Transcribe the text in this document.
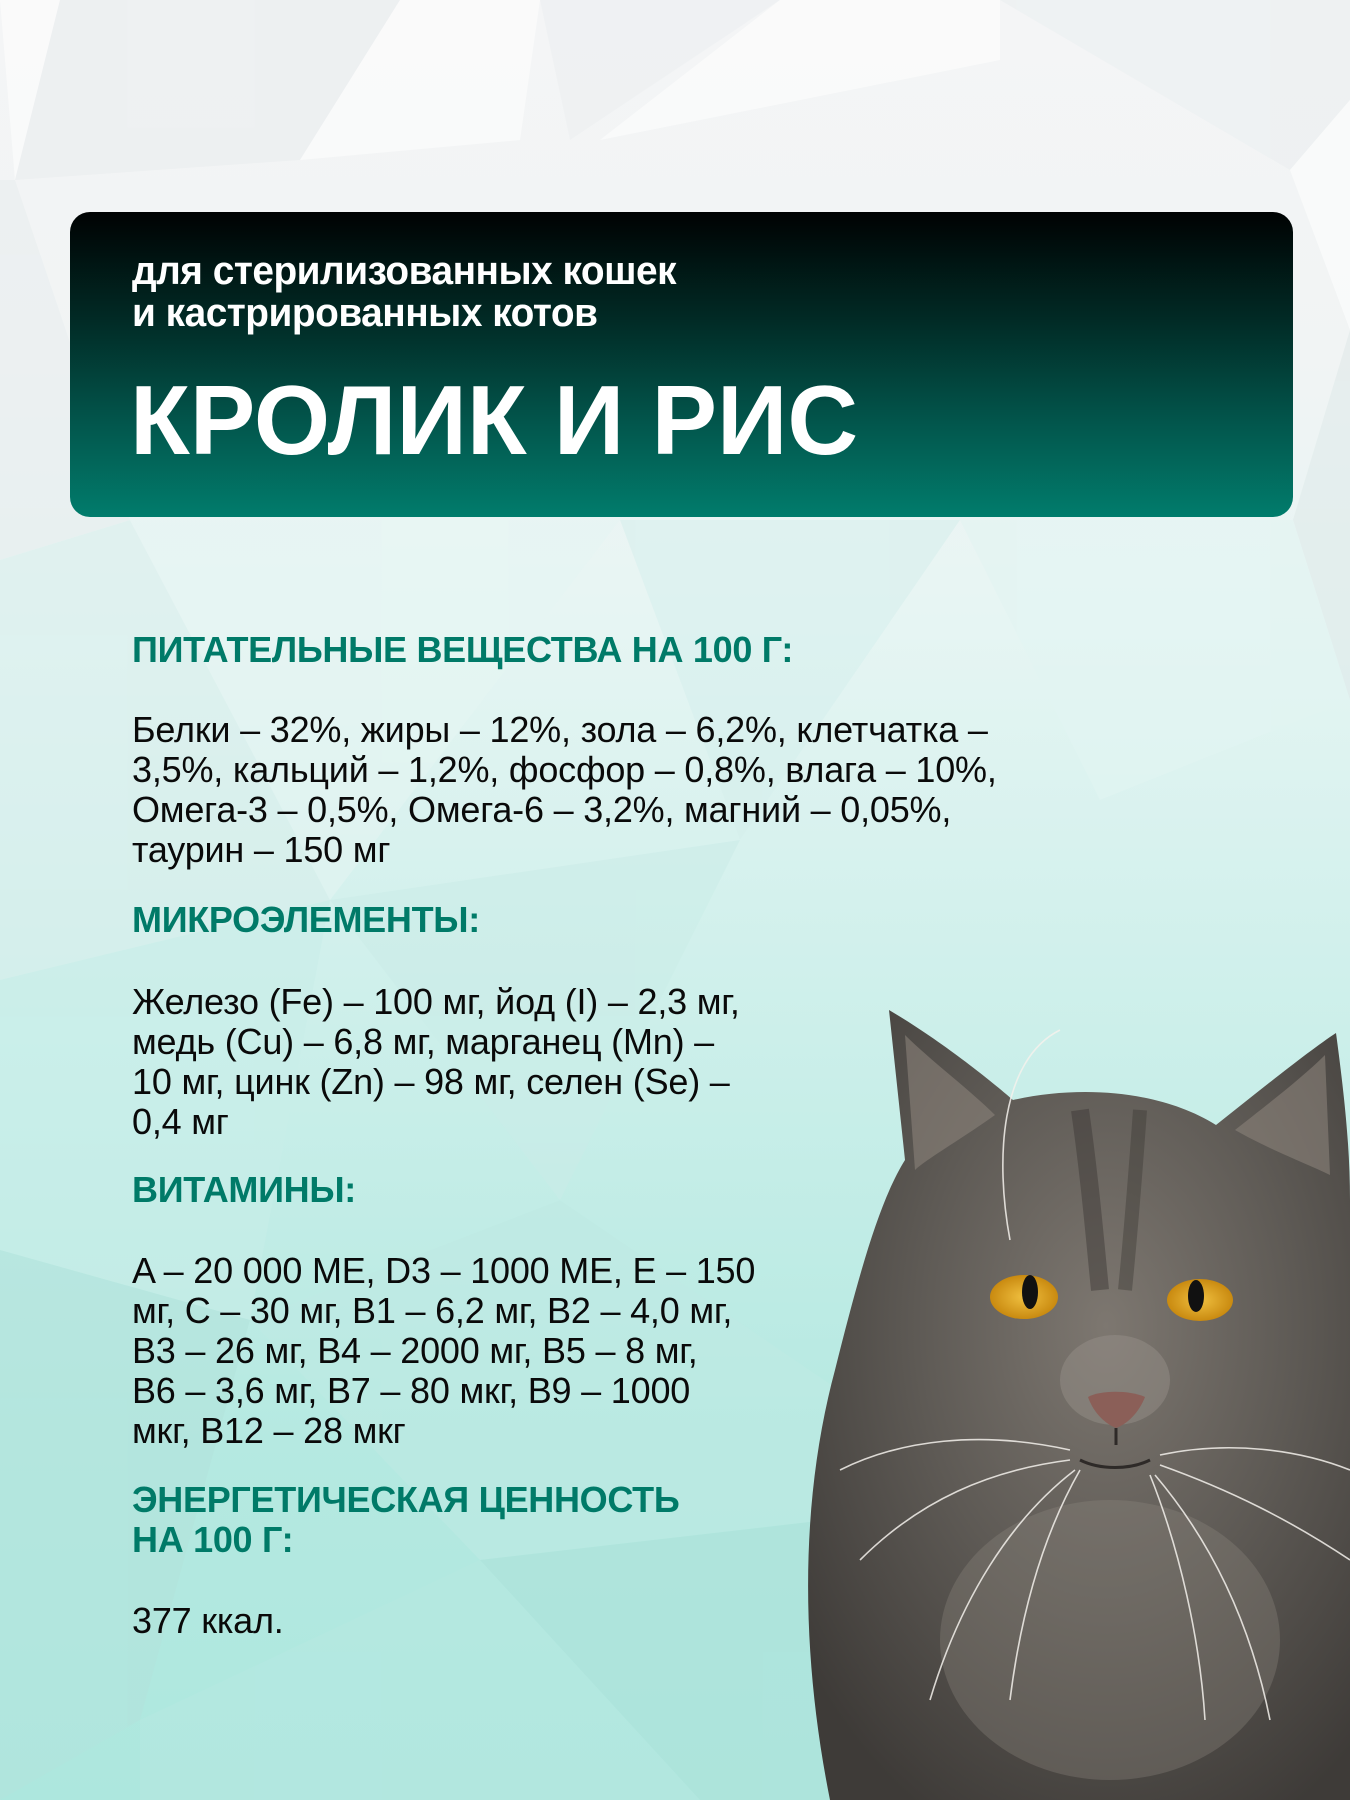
для стерилизованных кошек
и кастрированных котов
КРОЛИК И РИС
ПИТАТЕЛЬНЫЕ ВЕЩЕСТВА НА 100 Г:
Белки – 32%, жиры – 12%, зола – 6,2%, клетчатка –
3,5%, кальций – 1,2%, фосфор – 0,8%, влага – 10%,
Омега-3 – 0,5%, Омега-6 – 3,2%, магний – 0,05%,
таурин – 150 мг
МИКРОЭЛЕМЕНТЫ:
Железо (Fe) – 100 мг, йод (I) – 2,3 мг,
медь (Cu) – 6,8 мг, марганец (Mn) –
10 мг, цинк (Zn) – 98 мг, селен (Se) –
0,4 мг
ВИТАМИНЫ:
A – 20 000 МЕ, D3 – 1000 МЕ, Е – 150
мг, С – 30 мг, B1 – 6,2 мг, B2 – 4,0 мг,
B3 – 26 мг, B4 – 2000 мг, B5 – 8 мг,
B6 – 3,6 мг, B7 – 80 мкг, B9 – 1000
мкг, B12 – 28 мкг
ЭНЕРГЕТИЧЕСКАЯ ЦЕННОСТЬ
НА 100 Г:
377 ккал.
